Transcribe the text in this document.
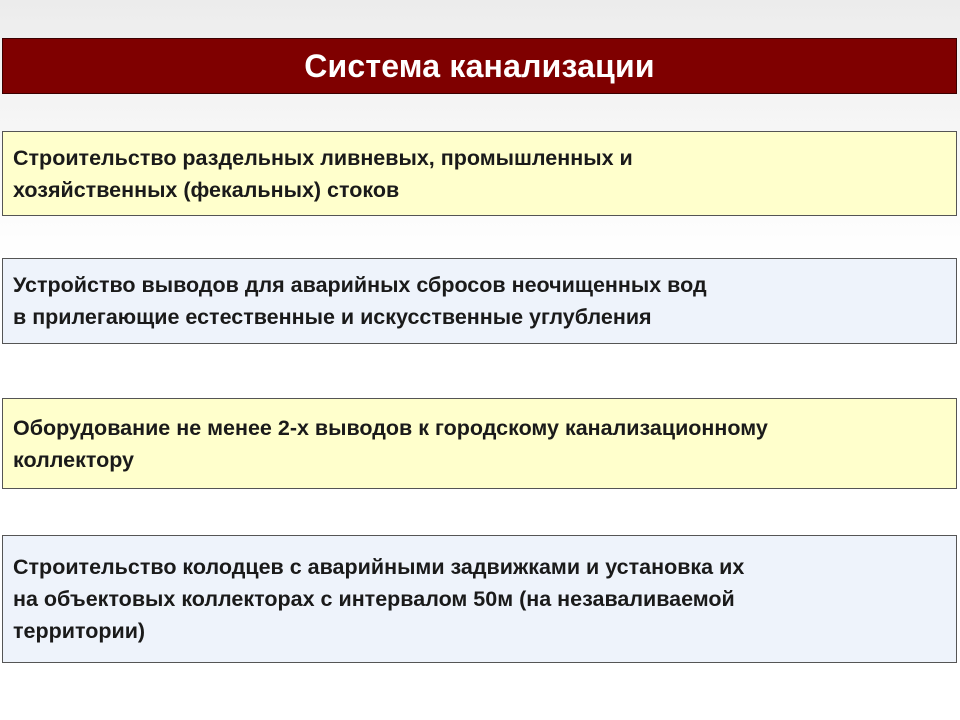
Система канализации
Строительство раздельных ливневых, промышленных и
хозяйственных (фекальных) стоков
Устройство выводов для аварийных сбросов неочищенных вод
в прилегающие естественные и искусственные углубления
Оборудование не менее 2-х выводов к городскому канализационному
коллектору
Строительство колодцев с аварийными задвижками и установка их
на объектовых коллекторах с интервалом 50м (на незаваливаемой
территории)
